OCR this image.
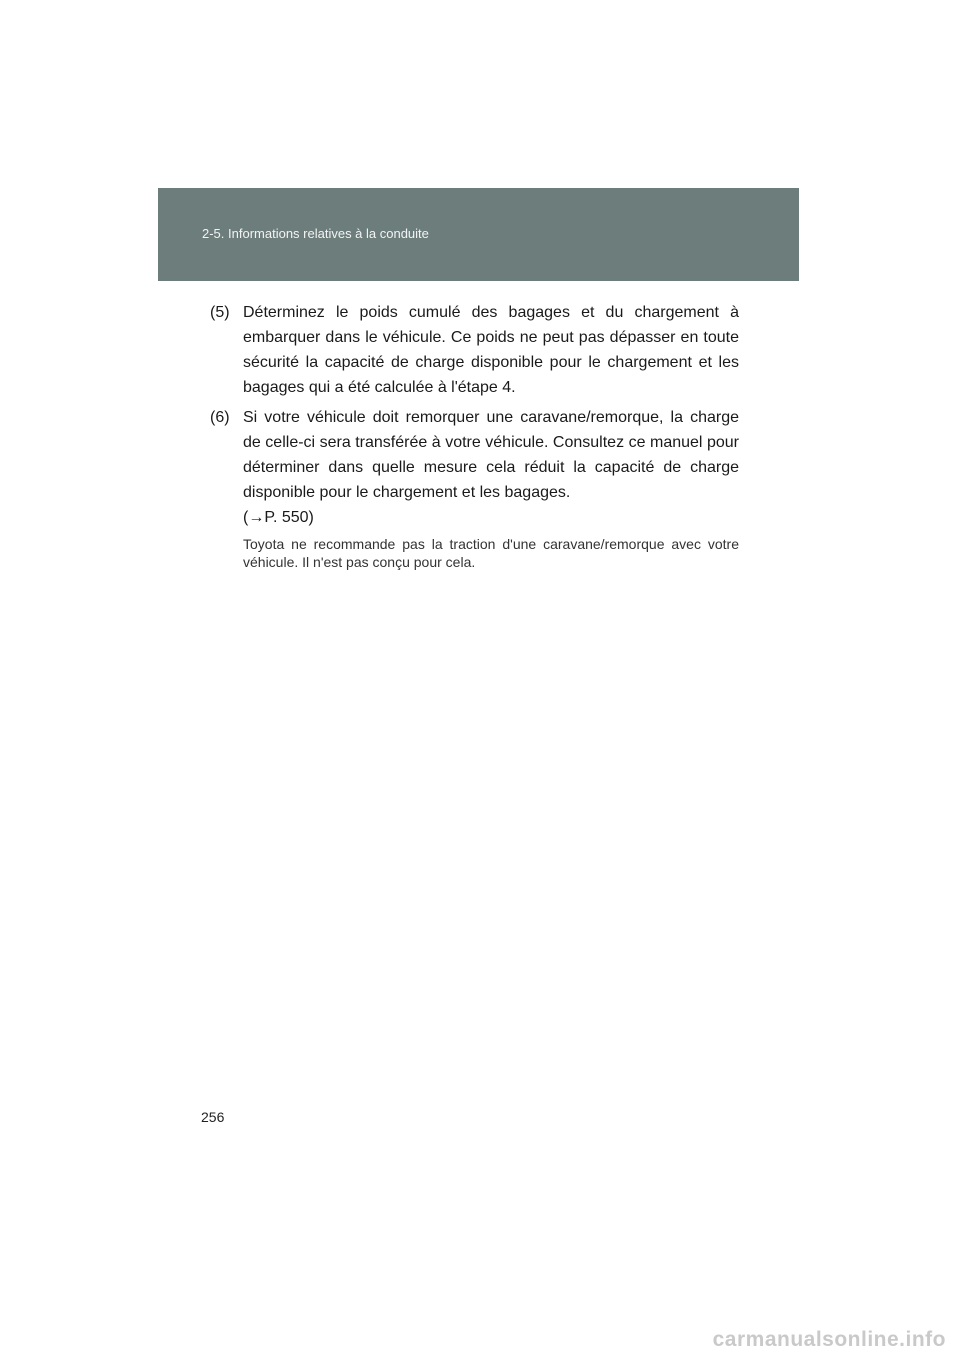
2-5. Informations relatives à la conduite
(5) Déterminez le poids cumulé des bagages et du chargement à embarquer dans le véhicule. Ce poids ne peut pas dépasser en toute sécurité la capacité de charge disponible pour le chargement et les bagages qui a été calculée à l'étape 4.
(6) Si votre véhicule doit remorquer une caravane/remorque, la charge de celle-ci sera transférée à votre véhicule. Consultez ce manuel pour déterminer dans quelle mesure cela réduit la capacité de charge disponible pour le chargement et les bagages.
(→P. 550)
Toyota ne recommande pas la traction d'une caravane/remorque avec votre véhicule. Il n'est pas conçu pour cela.
256
carmanualsonline.info
